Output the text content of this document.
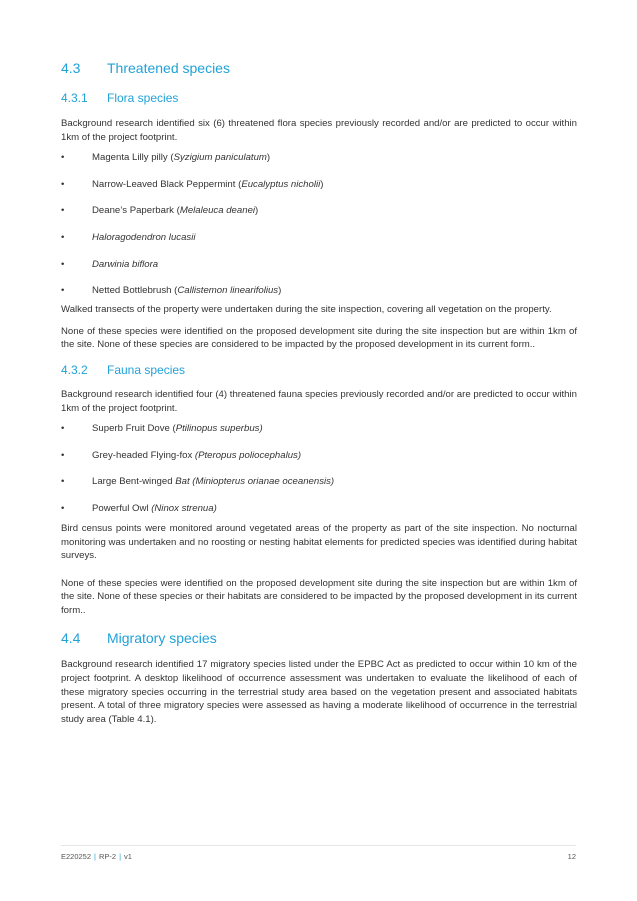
4.3	Threatened species
4.3.1	Flora species

Background research identified six (6) threatened flora species previously recorded and/or are predicted to occur within 1km of the project footprint.

•	Magenta Lilly pilly (Syzigium paniculatum)
•	Narrow-Leaved Black Peppermint (Eucalyptus nicholii)
•	Deane’s Paperbark (Melaleuca deanei)
•	Haloragodendron lucasii
•	Darwinia biflora
•	Netted Bottlebrush (Callistemon linearifolius)

Walked transects of the property were undertaken during the site inspection, covering all vegetation on the property.

None of these species were identified on the proposed development site during the site inspection but are within 1km of the site. None of these species are considered to be impacted by the proposed development in its current form..

4.3.2	Fauna species

Background research identified four (4) threatened fauna species previously recorded and/or are predicted to occur within 1km of the project footprint.

•	Superb Fruit Dove (Ptilinopus superbus)
•	Grey-headed Flying-fox (Pteropus poliocephalus)
•	Large Bent-winged Bat (Miniopterus orianae oceanensis)
•	Powerful Owl (Ninox strenua)

Bird census points were monitored around vegetated areas of the property as part of the site inspection. No nocturnal monitoring was undertaken and no roosting or nesting habitat elements for predicted species was identified during habitat surveys.

None of these species were identified on the proposed development site during the site inspection but are within 1km of the site. None of these species or their habitats are considered to be impacted by the proposed development in its current form..

4.4	Migratory species

Background research identified 17 migratory species listed under the EPBC Act as predicted to occur within 10 km of the project footprint. A desktop likelihood of occurrence assessment was undertaken to evaluate the likelihood of each of these migratory species occurring in the terrestrial study area based on the vegetation present and associated habitats present. A total of three migratory species were assessed as having a moderate likelihood of occurrence in the terrestrial study area (Table 4.1).

E220252 | RP-2 | v1	12
